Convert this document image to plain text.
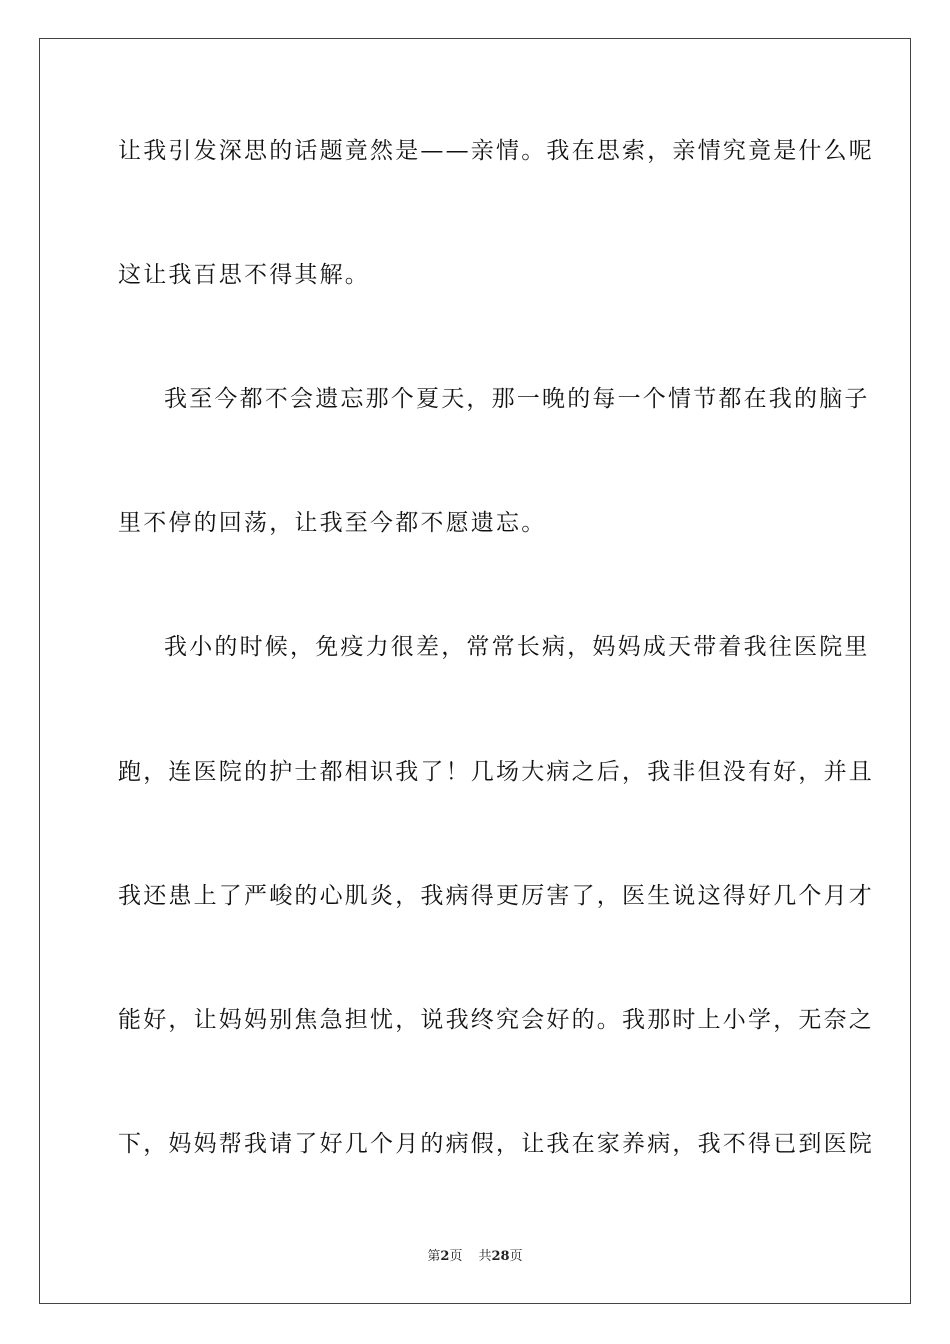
让我引发深思的话题竟然是——亲情。我在思索，亲情究竟是什么呢
这让我百思不得其解。
我至今都不会遗忘那个夏天，那一晚的每一个情节都在我的脑子
里不停的回荡，让我至今都不愿遗忘。
我小的时候，免疫力很差，常常长病，妈妈成天带着我往医院里
跑，连医院的护士都相识我了！几场大病之后，我非但没有好，并且
我还患上了严峻的心肌炎，我病得更厉害了，医生说这得好几个月才
能好，让妈妈别焦急担忧，说我终究会好的。我那时上小学，无奈之
下，妈妈帮我请了好几个月的病假，让我在家养病，我不得已到医院
第2页 共28页
